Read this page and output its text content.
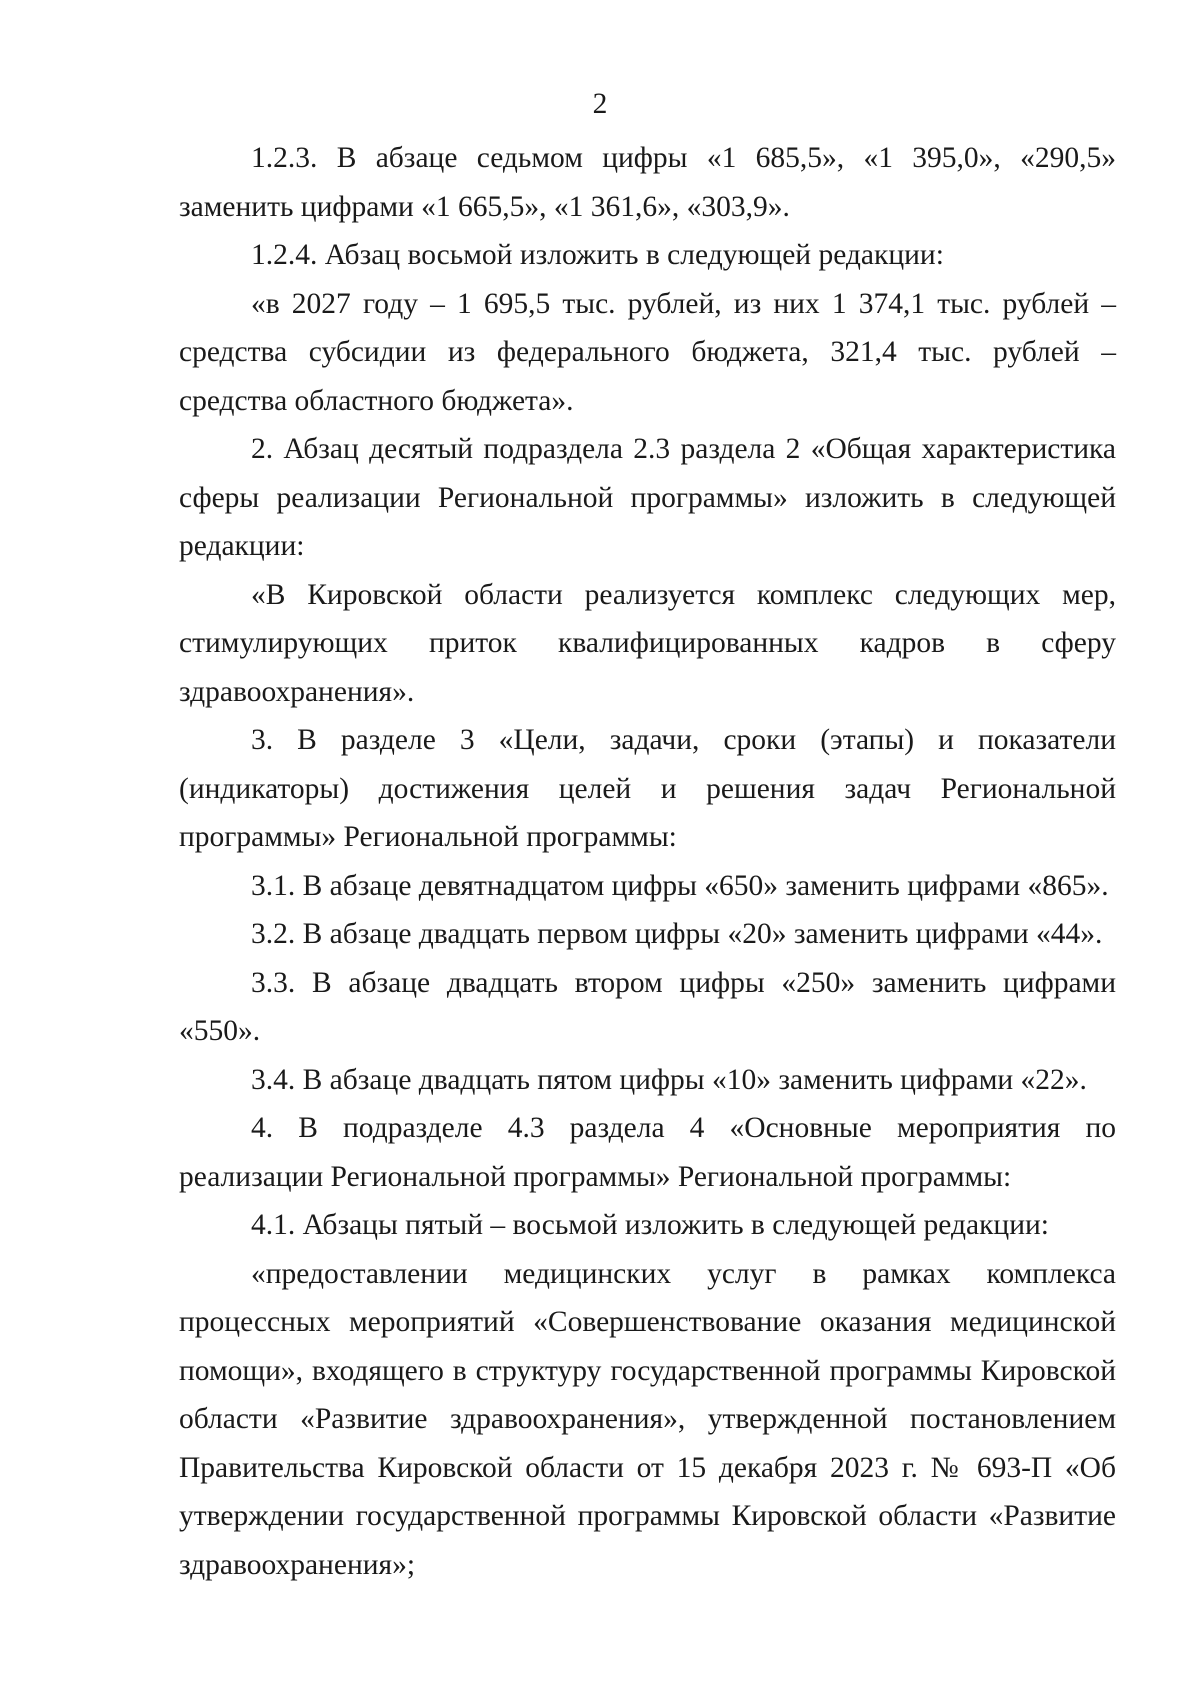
2

1.2.3. В абзаце седьмом цифры «1 685,5», «1 395,0», «290,5» заменить цифрами «1 665,5», «1 361,6», «303,9».

1.2.4. Абзац восьмой изложить в следующей редакции:

«в 2027 году – 1 695,5 тыс. рублей, из них 1 374,1 тыс. рублей – средства субсидии из федерального бюджета, 321,4 тыс. рублей – средства областного бюджета».

2. Абзац десятый подраздела 2.3 раздела 2 «Общая характеристика сферы реализации Региональной программы» изложить в следующей редакции:

«В Кировской области реализуется комплекс следующих мер, стимулирующих приток квалифицированных кадров в сферу здравоохранения».

3. В разделе 3 «Цели, задачи, сроки (этапы) и показатели (индикаторы) достижения целей и решения задач Региональной программы» Региональной программы:

3.1. В абзаце девятнадцатом цифры «650» заменить цифрами «865».

3.2. В абзаце двадцать первом цифры «20» заменить цифрами «44».

3.3. В абзаце двадцать втором цифры «250» заменить цифрами «550».

3.4. В абзаце двадцать пятом цифры «10» заменить цифрами «22».

4. В подразделе 4.3 раздела 4 «Основные мероприятия по реализации Региональной программы» Региональной программы:

4.1. Абзацы пятый – восьмой изложить в следующей редакции:

«предоставлении медицинских услуг в рамках комплекса процессных мероприятий «Совершенствование оказания медицинской помощи», входящего в структуру государственной программы Кировской области «Развитие здравоохранения», утвержденной постановлением Правительства Кировской области от 15 декабря 2023 г. № 693-П «Об утверждении государственной программы Кировской области «Развитие здравоохранения»;
